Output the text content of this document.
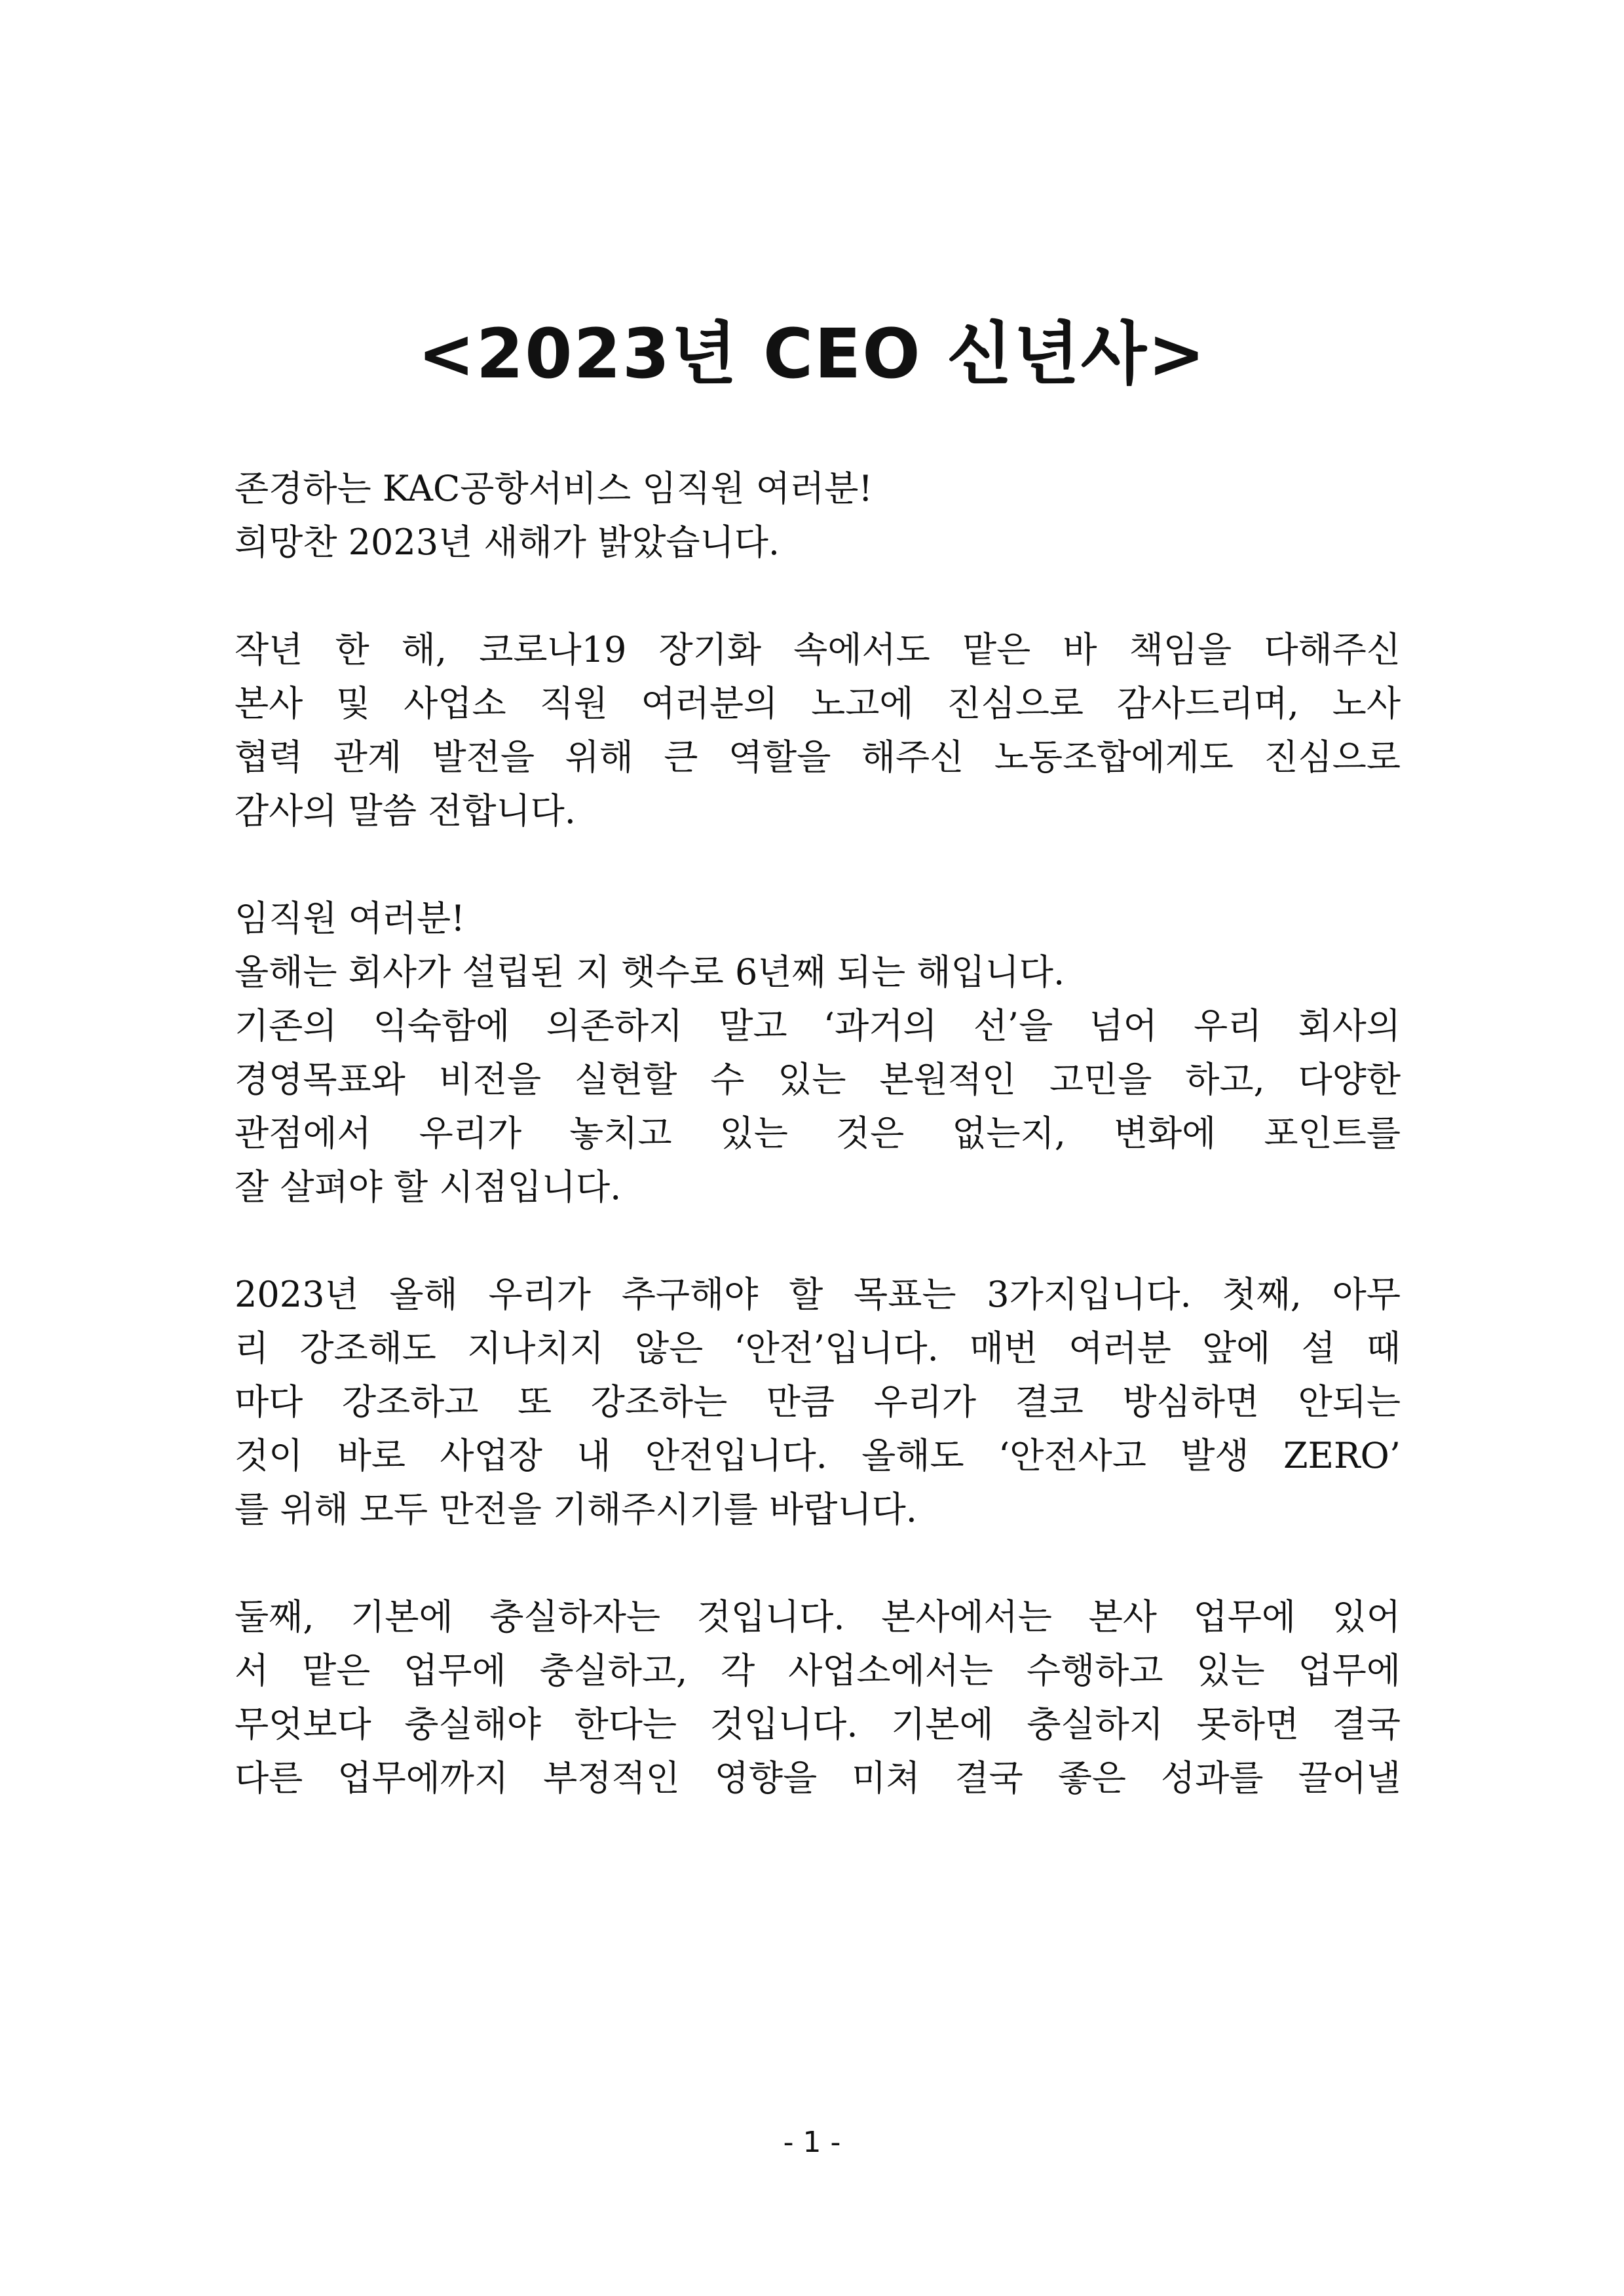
<2023년 CEO 신년사>
존경하는 KAC공항서비스 임직원 여러분!
희망찬 2023년 새해가 밝았습니다.
작년 한 해, 코로나19 장기화 속에서도 맡은 바 책임을 다해주신
본사 및 사업소 직원 여러분의 노고에 진심으로 감사드리며, 노사
협력 관계 발전을 위해 큰 역할을 해주신 노동조합에게도 진심으로
감사의 말씀 전합니다.
임직원 여러분!
올해는 회사가 설립된 지 햇수로 6년째 되는 해입니다.
기존의 익숙함에 의존하지 말고 ‘과거의 선’을 넘어 우리 회사의
경영목표와 비전을 실현할 수 있는 본원적인 고민을 하고, 다양한
관점에서 우리가 놓치고 있는 것은 없는지, 변화에 포인트를
잘 살펴야 할 시점입니다.
2023년 올해 우리가 추구해야 할 목표는 3가지입니다. 첫째, 아무
리 강조해도 지나치지 않은 ‘안전’입니다. 매번 여러분 앞에 설 때
마다 강조하고 또 강조하는 만큼 우리가 결코 방심하면 안되는
것이 바로 사업장 내 안전입니다. 올해도 ‘안전사고 발생 ZERO’
를 위해 모두 만전을 기해주시기를 바랍니다.
둘째, 기본에 충실하자는 것입니다. 본사에서는 본사 업무에 있어
서 맡은 업무에 충실하고, 각 사업소에서는 수행하고 있는 업무에
무엇보다 충실해야 한다는 것입니다. 기본에 충실하지 못하면 결국
다른 업무에까지 부정적인 영향을 미쳐 결국 좋은 성과를 끌어낼
- 1 -
